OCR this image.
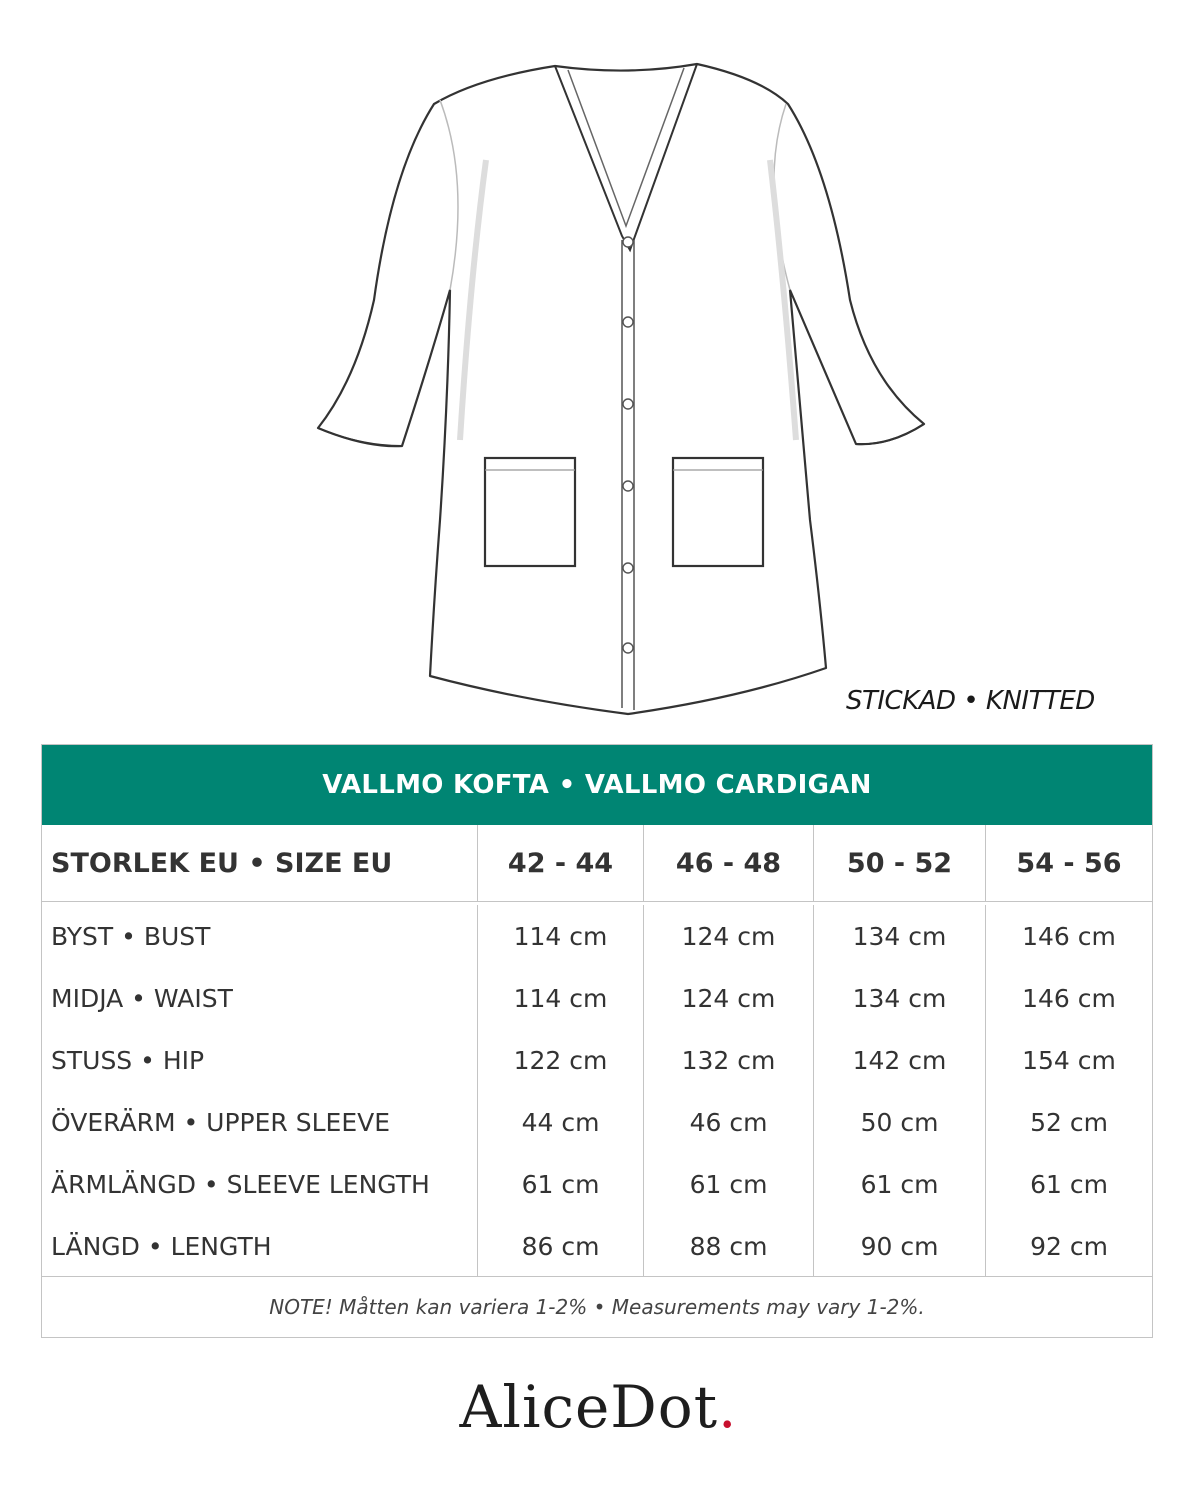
STICKAD • KNITTED
VALLMO KOFTA • VALLMO CARDIGAN
STORLEK EU • SIZE EU	42 - 44	46 - 48	50 - 52	54 - 56
BYST • BUST	114 cm	124 cm	134 cm	146 cm
MIDJA • WAIST	114 cm	124 cm	134 cm	146 cm
STUSS • HIP	122 cm	132 cm	142 cm	154 cm
ÖVERÄRM • UPPER SLEEVE	44 cm	46 cm	50 cm	52 cm
ÄRMLÄNGD • SLEEVE LENGTH	61 cm	61 cm	61 cm	61 cm
LÄNGD • LENGTH	86 cm	88 cm	90 cm	92 cm
NOTE! Måtten kan variera 1-2% • Measurements may vary 1-2%.
AliceDot.
